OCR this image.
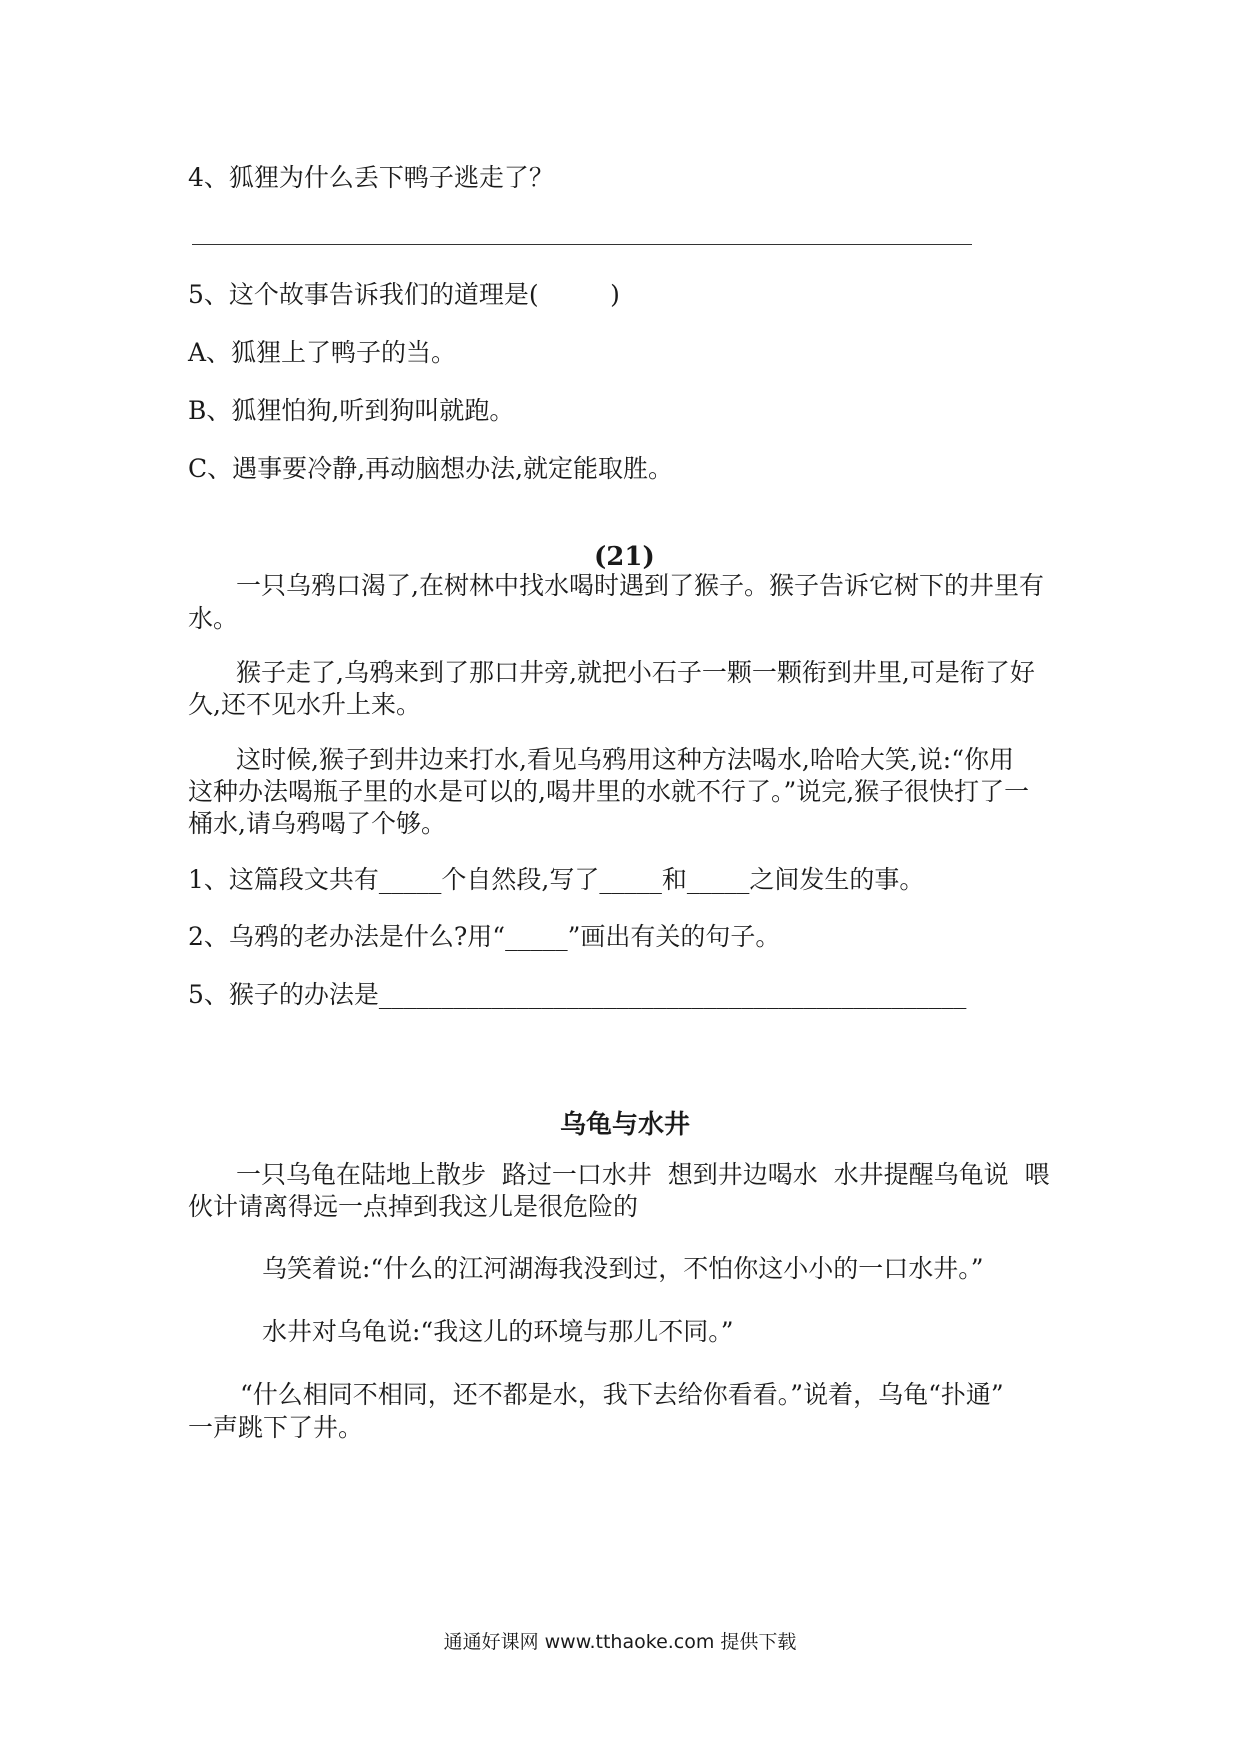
4、狐狸为什么丢下鸭子逃走了？
5、这个故事告诉我们的道理是(         )
A、狐狸上了鸭子的当。
B、狐狸怕狗,听到狗叫就跑。
C、遇事要冷静,再动脑想办法,就定能取胜。
(21)
一只乌鸦口渴了,在树林中找水喝时遇到了猴子。猴子告诉它树下的井里有
水。
猴子走了,乌鸦来到了那口井旁,就把小石子一颗一颗衔到井里,可是衔了好
久,还不见水升上来。
这时候,猴子到井边来打水,看见乌鸦用这种方法喝水,哈哈大笑,说:“你用
这种办法喝瓶子里的水是可以的,喝井里的水就不行了。”说完,猴子很快打了一
桶水,请乌鸦喝了个够。
1、这篇段文共有_____个自然段,写了_____和_____之间发生的事。
2、乌鸦的老办法是什么?用“_____”画出有关的句子。
5、猴子的办法是_______________________________________________
乌龟与水井
一只乌龟在陆地上散步  路过一口水井  想到井边喝水  水井提醒乌龟说  喂
伙计请离得远一点掉到我这儿是很危险的
乌笑着说:“什么的江河湖海我没到过，不怕你这小小的一口水井。”
水井对乌龟说:“我这儿的环境与那儿不同。”
“什么相同不相同，还不都是水，我下去给你看看。”说着，乌龟“扑通”
一声跳下了井。
通通好课网 www.tthaoke.com 提供下载
